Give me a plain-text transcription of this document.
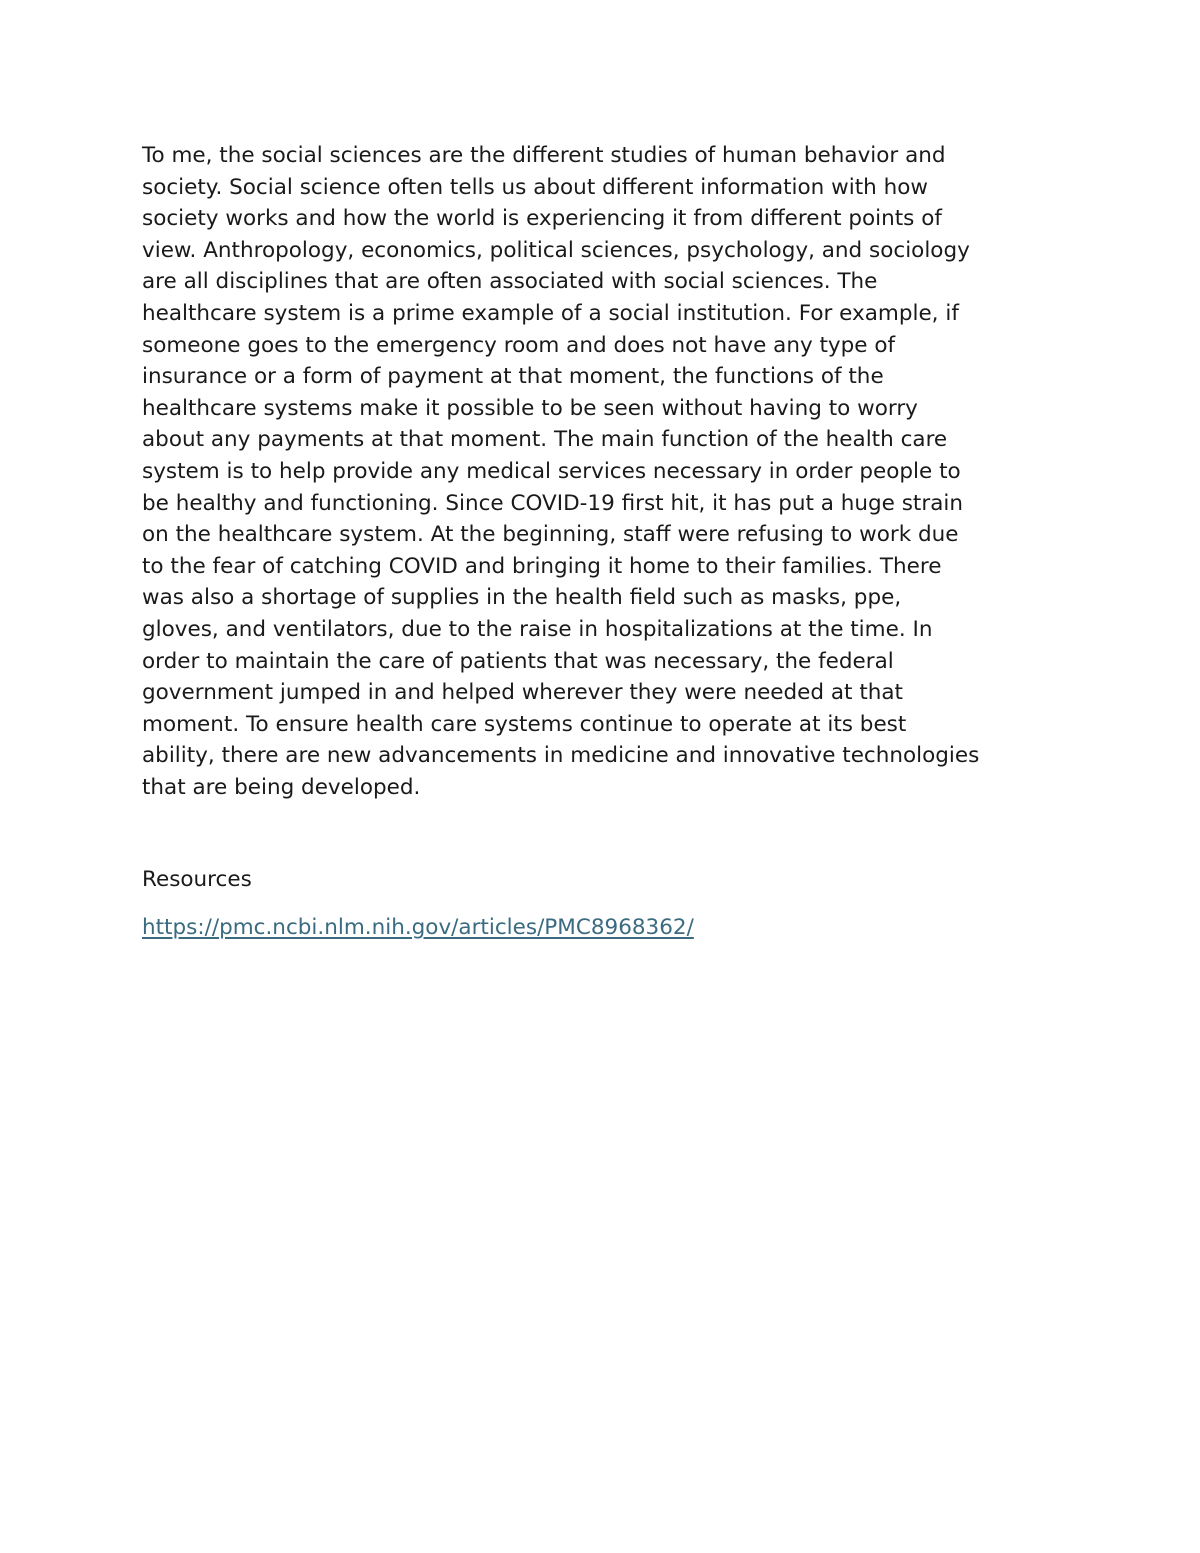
To me, the social sciences are the different studies of human behavior and
society. Social science often tells us about different information with how
society works and how the world is experiencing it from different points of
view. Anthropology, economics, political sciences, psychology, and sociology
are all disciplines that are often associated with social sciences. The
healthcare system is a prime example of a social institution. For example, if
someone goes to the emergency room and does not have any type of
insurance or a form of payment at that moment, the functions of the
healthcare systems make it possible to be seen without having to worry
about any payments at that moment. The main function of the health care
system is to help provide any medical services necessary in order people to
be healthy and functioning. Since COVID-19 first hit, it has put a huge strain
on the healthcare system. At the beginning, staff were refusing to work due
to the fear of catching COVID and bringing it home to their families. There
was also a shortage of supplies in the health field such as masks, ppe,
gloves, and ventilators, due to the raise in hospitalizations at the time. In
order to maintain the care of patients that was necessary, the federal
government jumped in and helped wherever they were needed at that
moment. To ensure health care systems continue to operate at its best
ability, there are new advancements in medicine and innovative technologies
that are being developed.

Resources

https://pmc.ncbi.nlm.nih.gov/articles/PMC8968362/
